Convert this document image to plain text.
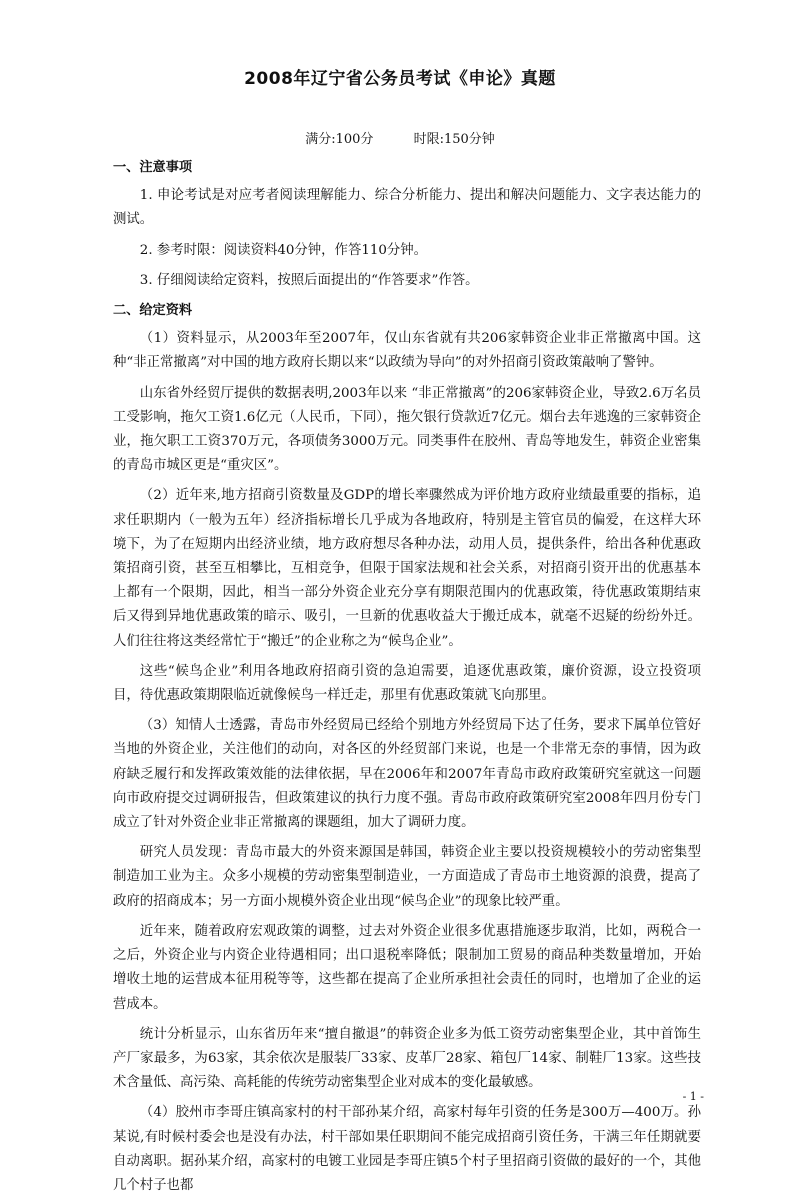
2008年辽宁省公务员考试《申论》真题
满分:100分	时限:150分钟
一、注意事项

1. 申论考试是对应考者阅读理解能力、综合分析能力、提出和解决问题能力、文字表达能力的测试。

2. 参考时限：阅读资料40分钟，作答110分钟。

3. 仔细阅读给定资料，按照后面提出的“作答要求”作答。

二、给定资料

（1）资料显示，从2003年至2007年，仅山东省就有共206家韩资企业非正常撤离中国。这种“非正常撤离”对中国的地方政府长期以来“以政绩为导向”的对外招商引资政策敲响了警钟。

山东省外经贸厅提供的数据表明,2003年以来 “非正常撤离”的206家韩资企业，导致2.6万名员工受影响，拖欠工资1.6亿元（人民币，下同），拖欠银行贷款近7亿元。烟台去年逃逸的三家韩资企业，拖欠职工工资370万元，各项债务3000万元。同类事件在胶州、青岛等地发生，韩资企业密集的青岛市城区更是“重灾区”。

（2）近年来,地方招商引资数量及GDP的增长率骤然成为评价地方政府业绩最重要的指标，追求任职期内（一般为五年）经济指标增长几乎成为各地政府，特别是主管官员的偏爱，在这样大环境下，为了在短期内出经济业绩，地方政府想尽各种办法，动用人员，提供条件，给出各种优惠政策招商引资，甚至互相攀比，互相竞争，但限于国家法规和社会关系，对招商引资开出的优惠基本上都有一个限期，因此，相当一部分外资企业充分享有期限范围内的优惠政策，待优惠政策期结束后又得到异地优惠政策的暗示、吸引，一旦新的优惠收益大于搬迁成本，就毫不迟疑的纷纷外迁。人们往往将这类经常忙于“搬迁”的企业称之为“候鸟企业”。

这些“候鸟企业”利用各地政府招商引资的急迫需要，追逐优惠政策，廉价资源，设立投资项目，待优惠政策期限临近就像候鸟一样迁走，那里有优惠政策就飞向那里。

（3）知情人士透露，青岛市外经贸局已经给个别地方外经贸局下达了任务，要求下属单位管好当地的外资企业，关注他们的动向，对各区的外经贸部门来说，也是一个非常无奈的事情，因为政府缺乏履行和发挥政策效能的法律依据，早在2006年和2007年青岛市政府政策研究室就这一问题向市政府提交过调研报告，但政策建议的执行力度不强。青岛市政府政策研究室2008年四月份专门成立了针对外资企业非正常撤离的课题组，加大了调研力度。

研究人员发现：青岛市最大的外资来源国是韩国，韩资企业主要以投资规模较小的劳动密集型制造加工业为主。众多小规模的劳动密集型制造业，一方面造成了青岛市土地资源的浪费，提高了政府的招商成本；另一方面小规模外资企业出现“候鸟企业”的现象比较严重。

近年来，随着政府宏观政策的调整，过去对外资企业很多优惠措施逐步取消，比如，两税合一之后，外资企业与内资企业待遇相同；出口退税率降低；限制加工贸易的商品种类数量增加，开始增收土地的运营成本征用税等等，这些都在提高了企业所承担社会责任的同时，也增加了企业的运营成本。

统计分析显示，山东省历年来“擅自撤退”的韩资企业多为低工资劳动密集型企业，其中首饰生产厂家最多，为63家，其余依次是服装厂33家、皮革厂28家、箱包厂14家、制鞋厂13家。这些技术含量低、高污染、高耗能的传统劳动密集型企业对成本的变化最敏感。

（4）胶州市李哥庄镇高家村的村干部孙某介绍，高家村每年引资的任务是300万—400万。孙某说,有时候村委会也是没有办法，村干部如果任职期间不能完成招商引资任务，干满三年任期就要自动离职。据孙某介绍，高家村的电镀工业园是李哥庄镇5个村子里招商引资做的最好的一个，其他几个村子也都

- 1 -
